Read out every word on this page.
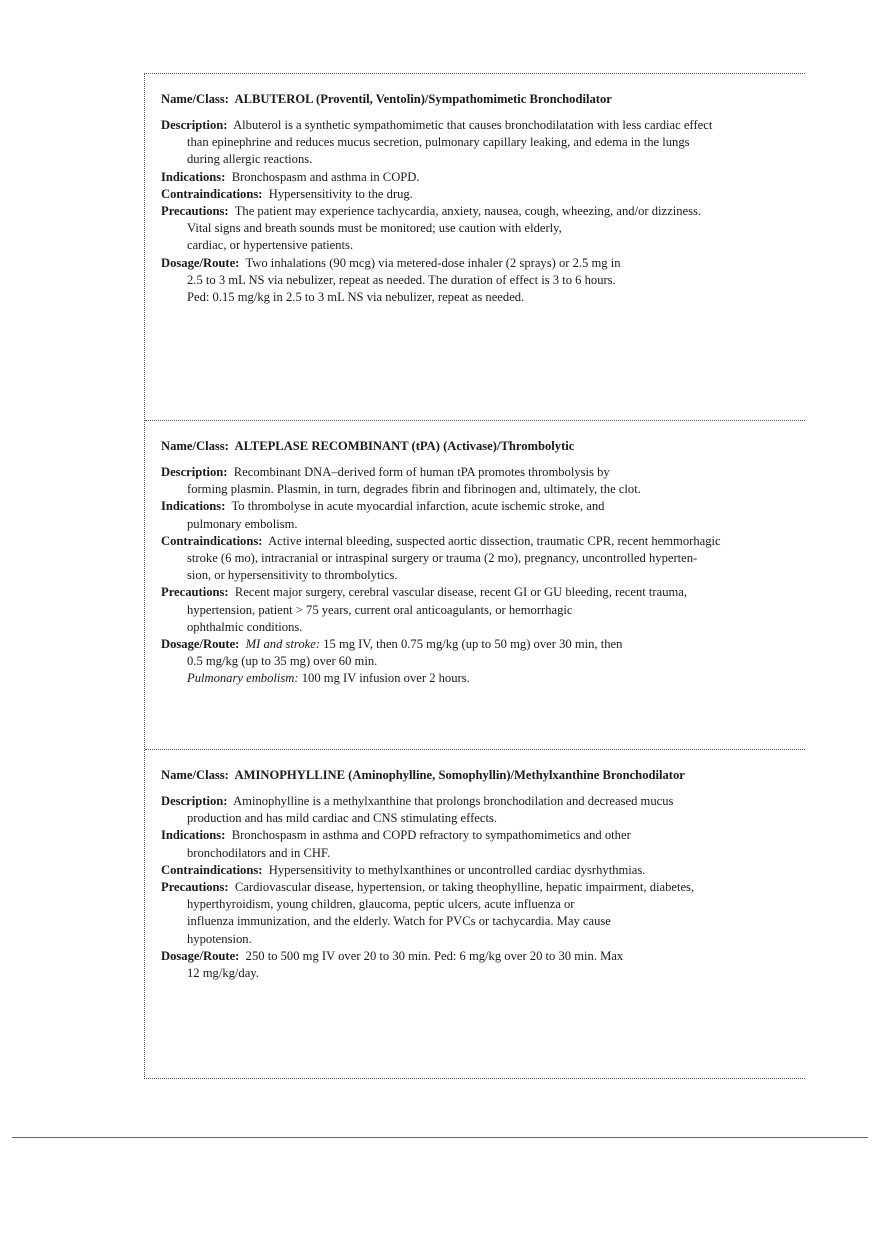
Name/Class: ALBUTEROL (Proventil, Ventolin)/Sympathomimetic Bronchodilator
Description: Albuterol is a synthetic sympathomimetic that causes bronchodilatation with less cardiac effect
than epinephrine and reduces mucus secretion, pulmonary capillary leaking, and edema in the lungs
during allergic reactions.
Indications: Bronchospasm and asthma in COPD.
Contraindications: Hypersensitivity to the drug.
Precautions: The patient may experience tachycardia, anxiety, nausea, cough, wheezing, and/or dizziness.
Vital signs and breath sounds must be monitored; use caution with elderly,
cardiac, or hypertensive patients.
Dosage/Route: Two inhalations (90 mcg) via metered-dose inhaler (2 sprays) or 2.5 mg in
2.5 to 3 mL NS via nebulizer, repeat as needed. The duration of effect is 3 to 6 hours.
Ped: 0.15 mg/kg in 2.5 to 3 mL NS via nebulizer, repeat as needed.
Name/Class: ALTEPLASE RECOMBINANT (tPA) (Activase)/Thrombolytic
Description: Recombinant DNA–derived form of human tPA promotes thrombolysis by
forming plasmin. Plasmin, in turn, degrades fibrin and fibrinogen and, ultimately, the clot.
Indications: To thrombolyse in acute myocardial infarction, acute ischemic stroke, and
pulmonary embolism.
Contraindications: Active internal bleeding, suspected aortic dissection, traumatic CPR, recent hemmorhagic
stroke (6 mo), intracranial or intraspinal surgery or trauma (2 mo), pregnancy, uncontrolled hyperten-
sion, or hypersensitivity to thrombolytics.
Precautions: Recent major surgery, cerebral vascular disease, recent GI or GU bleeding, recent trauma,
hypertension, patient > 75 years, current oral anticoagulants, or hemorrhagic
ophthalmic conditions.
Dosage/Route: MI and stroke: 15 mg IV, then 0.75 mg/kg (up to 50 mg) over 30 min, then
0.5 mg/kg (up to 35 mg) over 60 min.
Pulmonary embolism: 100 mg IV infusion over 2 hours.
Name/Class: AMINOPHYLLINE (Aminophylline, Somophyllin)/Methylxanthine Bronchodilator
Description: Aminophylline is a methylxanthine that prolongs bronchodilation and decreased mucus
production and has mild cardiac and CNS stimulating effects.
Indications: Bronchospasm in asthma and COPD refractory to sympathomimetics and other
bronchodilators and in CHF.
Contraindications: Hypersensitivity to methylxanthines or uncontrolled cardiac dysrhythmias.
Precautions: Cardiovascular disease, hypertension, or taking theophylline, hepatic impairment, diabetes,
hyperthyroidism, young children, glaucoma, peptic ulcers, acute influenza or
influenza immunization, and the elderly. Watch for PVCs or tachycardia. May cause
hypotension.
Dosage/Route: 250 to 500 mg IV over 20 to 30 min. Ped: 6 mg/kg over 20 to 30 min. Max
12 mg/kg/day.
